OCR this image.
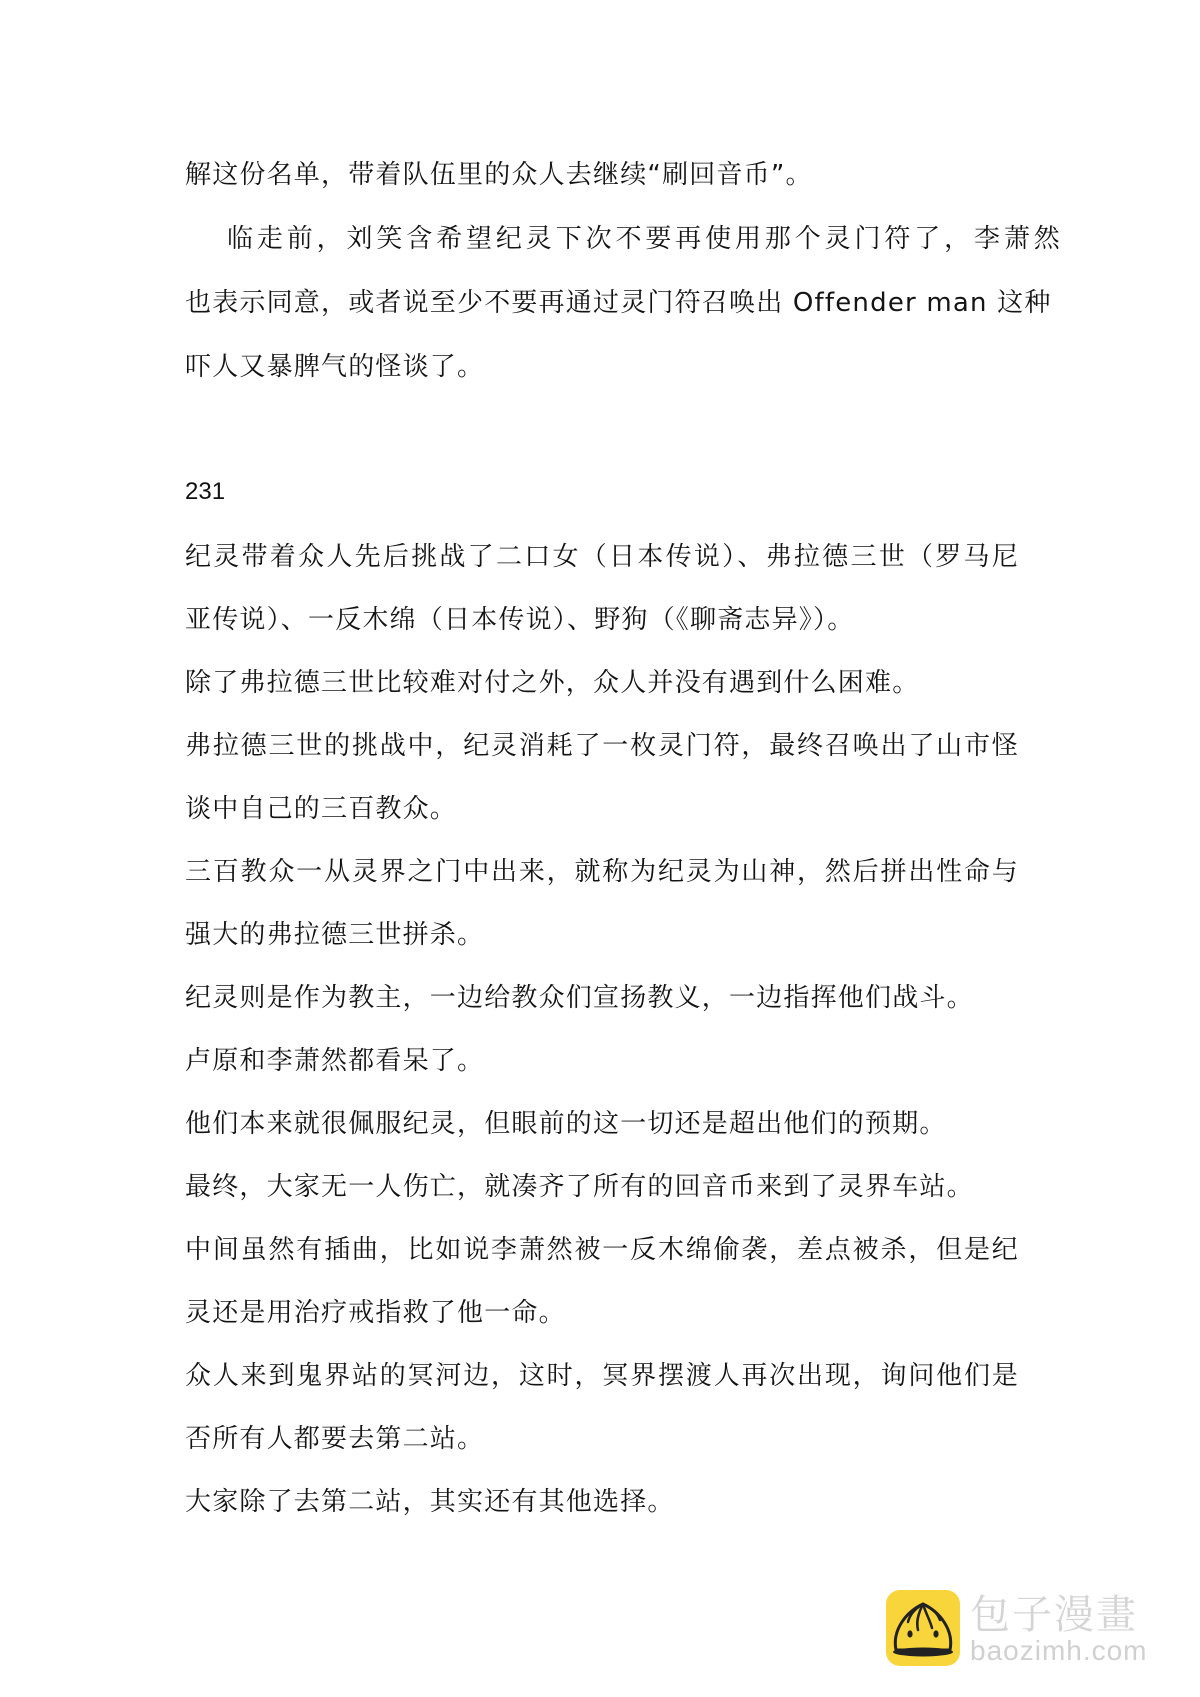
解这份名单，带着队伍里的众人去继续“刷回音币”。
临走前，刘笑含希望纪灵下次不要再使用那个灵门符了，李萧然
也表示同意，或者说至少不要再通过灵门符召唤出 Offender man 这种
吓人又暴脾气的怪谈了。
231
纪灵带着众人先后挑战了二口女（日本传说）、弗拉德三世（罗马尼
亚传说）、一反木绵（日本传说）、野狗（《聊斋志异》）。
除了弗拉德三世比较难对付之外，众人并没有遇到什么困难。
弗拉德三世的挑战中，纪灵消耗了一枚灵门符，最终召唤出了山市怪
谈中自己的三百教众。
三百教众一从灵界之门中出来，就称为纪灵为山神，然后拼出性命与
强大的弗拉德三世拼杀。
纪灵则是作为教主，一边给教众们宣扬教义，一边指挥他们战斗。
卢原和李萧然都看呆了。
他们本来就很佩服纪灵，但眼前的这一切还是超出他们的预期。
最终，大家无一人伤亡，就凑齐了所有的回音币来到了灵界车站。
中间虽然有插曲，比如说李萧然被一反木绵偷袭，差点被杀，但是纪
灵还是用治疗戒指救了他一命。
众人来到鬼界站的冥河边，这时，冥界摆渡人再次出现，询问他们是
否所有人都要去第二站。
大家除了去第二站，其实还有其他选择。
包子漫畫
baozimh.com
